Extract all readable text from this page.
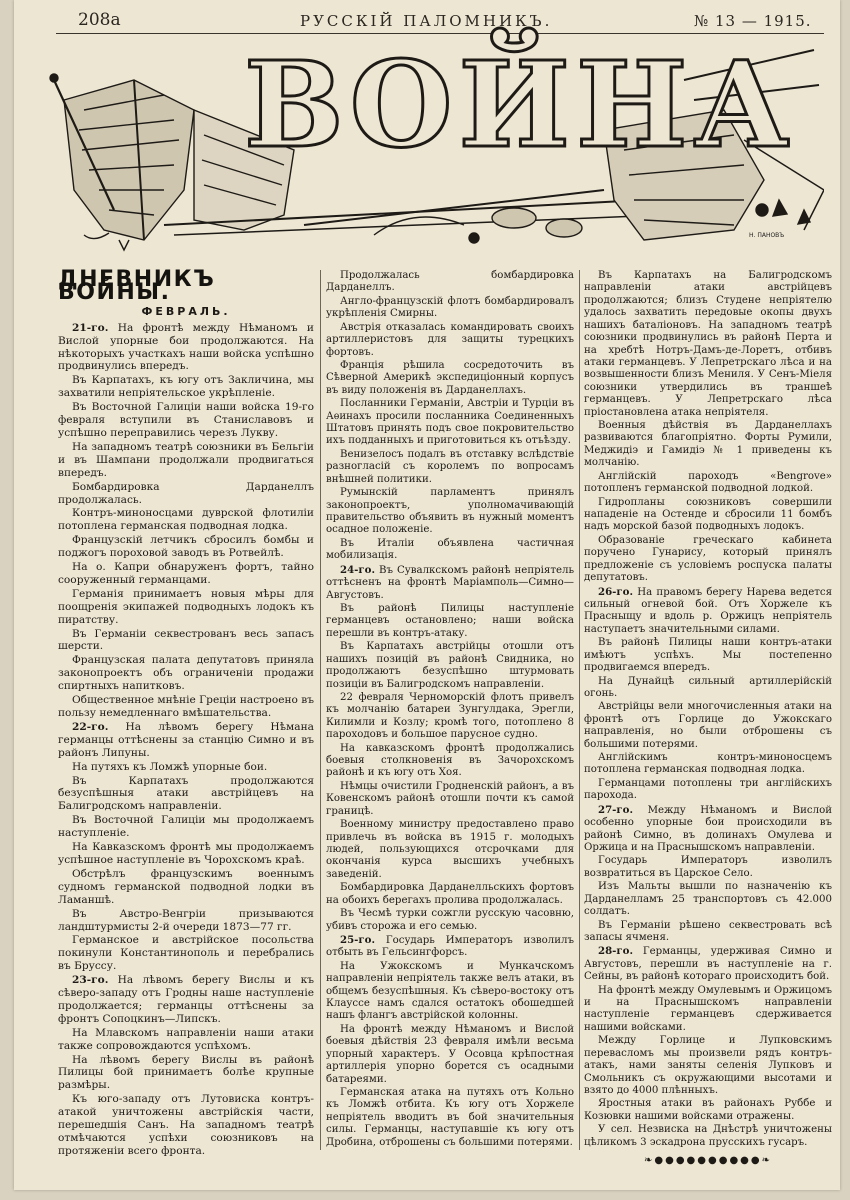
208а	РУССКІЙ ПАЛОМНИКЪ.	№ 13 — 1915.
ВОЙНА
Н. ПАНОВЪ
ДНЕВНИКЪ ВОЙНЫ.
ФЕВРАЛЬ.

21-го. На фронтѣ между Нѣманомъ и Вислой упорные бои продолжаются. На нѣкоторыхъ участкахъ наши войска успѣшно продвинулись впередъ.

Въ Карпатахъ, къ югу отъ Закличина, мы захватили непріятельское укрѣпленіе.

Въ Восточной Галиціи наши войска 19-го февраля вступили въ Станиславовъ и успѣшно переправились черезъ Лукву.

На западномъ театрѣ союзники въ Бельгіи и въ Шампани продолжали продвигаться впередъ.

Бомбардировка Дарданеллъ продолжалась.

Контръ-миноносцами дуврской флотиліи потоплена германская подводная лодка.

Французскій летчикъ сбросилъ бомбы и поджогъ пороховой заводъ въ Ротвейлѣ.

На о. Капри обнаруженъ фортъ, тайно сооруженный германцами.

Германія принимаетъ новыя мѣры для поощренія экипажей подводныхъ лодокъ къ пиратству.

Въ Германіи секвестрованъ весь запасъ шерсти.

Французская палата депутатовъ приняла законопроектъ объ ограниченіи продажи спиртныхъ напитковъ.

Общественное мнѣніе Греціи настроено въ пользу немедленнаго вмѣшательства.

22-го. На лѣвомъ берегу Нѣмана германцы оттѣснены за станцію Симно и въ районъ Липуны.

На путяхъ къ Ломжѣ упорные бои.

Въ Карпатахъ продолжаются безуспѣшныя атаки австрійцевъ на Балигродскомъ направленіи.

Въ Восточной Галиціи мы продолжаемъ наступленіе.

На Кавказскомъ фронтѣ мы продолжаемъ успѣшное наступленіе въ Чорохскомъ краѣ.

Обстрѣлъ французскимъ военнымъ судномъ германской подводной лодки въ Ламаншѣ.

Въ Австро-Венгріи призываются ландштурмисты 2-й очереди 1873—77 гг.

Германское и австрійское посольства покинули Константинополь и перебрались въ Бруссу.

23-го. На лѣвомъ берегу Вислы и къ сѣверо-западу отъ Гродны наше наступленіе продолжается; германцы оттѣснены за фронтъ Сопоцкинъ—Липскъ.

На Млавскомъ направленіи наши атаки также сопровождаются успѣхомъ.

На лѣвомъ берегу Вислы въ районѣ Пилицы бой принимаетъ болѣе крупные размѣры.

Къ юго-западу отъ Лутовиска контръ-атакой уничтожены австрійскія части, перешедшія Санъ. На западномъ театрѣ отмѣчаются успѣхи союзниковъ на протяженіи всего фронта.

Продолжалась бомбардировка Дарданеллъ.

Англо-французскій флотъ бомбардировалъ укрѣпленія Смирны.

Австрія отказалась командировать своихъ артиллеристовъ для защиты турецкихъ фортовъ.

Франція рѣшила сосредоточить въ Сѣверной Америкѣ экспедиціонный корпусъ въ виду положенія въ Дарданеллахъ.

Посланники Германіи, Австріи и Турціи въ Аѳинахъ просили посланника Соединенныхъ Штатовъ принять подъ свое покровительство ихъ подданныхъ и приготовиться къ отъѣзду.

Венизелосъ подалъ въ отставку вслѣдствіе разногласій съ королемъ по вопросамъ внѣшней политики.

Румынскій парламентъ принялъ законопроектъ, уполномачивающій правительство объявить въ нужный моментъ осадное положеніе.

Въ Италіи объявлена частичная мобилизація.

24-го. Въ Сувалкскомъ районѣ непріятель оттѣсненъ на фронтѣ Маріамполь—Симно—Августовъ.

Въ районѣ Пилицы наступленіе германцевъ остановлено; наши войска перешли въ контръ-атаку.

Въ Карпатахъ австрійцы отошли отъ нашихъ позицій въ районѣ Свидника, но продолжаютъ безуспѣшно штурмовать позиціи въ Балигродскомъ направленіи.

22 февраля Черноморскій флотъ привелъ къ молчанію батареи Зунгулдака, Эрегли, Килимли и Козлу; кромѣ того, потоплено 8 пароходовъ и большое парусное судно.

На кавказскомъ фронтѣ продолжались боевыя столкновенія въ Зачорохскомъ районѣ и къ югу отъ Хоя.

Нѣмцы очистили Гродненскій районъ, а въ Ковенскомъ районѣ отошли почти къ самой границѣ.

Военному министру предоставлено право привлечь въ войска въ 1915 г. молодыхъ людей, пользующихся отсрочками для окончанія курса высшихъ учебныхъ заведеній.

Бомбардировка Дарданелльскихъ фортовъ на обоихъ берегахъ пролива продолжалась.

Въ Чесмѣ турки сожгли русскую часовню, убивъ сторожа и его семью.

25-го. Государь Императоръ изволилъ отбыть въ Гельсингфорсъ.

На Ужокскомъ и Мункачскомъ направленіи непріятель также велъ атаки, въ общемъ безуспѣшныя. Къ сѣверо-востоку отъ Клауссе намъ сдался остатокъ обошедшей нашъ флангъ австрійской колонны.

На фронтѣ между Нѣманомъ и Вислой боевыя дѣйствія 23 февраля имѣли весьма упорный характеръ. У Осовца крѣпостная артиллерія упорно борется съ осадными батареями.

Германская атака на путяхъ отъ Кольно къ Ломжѣ отбита. Къ югу отъ Хоржеле непріятель вводитъ въ бой значительныя силы. Германцы, наступавшіе къ югу отъ Дробина, отброшены съ большими потерями.

Въ Карпатахъ на Балигродскомъ направленіи атаки австрійцевъ продолжаются; близъ Студене непріятелю удалось захватить передовые окопы двухъ нашихъ баталіоновъ. На западномъ театрѣ союзники продвинулись въ районѣ Перта и на хребтѣ Нотръ-Дамъ-де-Лоретъ, отбивъ атаки германцевъ. У Лепретрскаго лѣса и на возвышенности близъ Мениля. У Сенъ-Міеля союзники утвердились въ траншеѣ германцевъ. У Лепретрскаго лѣса пріостановлена атака непріятеля.

Военныя дѣйствія въ Дарданеллахъ развиваются благопріятно. Форты Румили, Меджидіэ и Гамидіэ № 1 приведены къ молчанію.

Англійскій пароходъ «Bengrove» потопленъ германской подводной лодкой.

Гидропланы союзниковъ совершили нападеніе на Остенде и сбросили 11 бомбъ надъ морской базой подводныхъ лодокъ.

Образованіе греческаго кабинета поручено Гунарису, который принялъ предложеніе съ условіемъ роспуска палаты депутатовъ.

26-го. На правомъ берегу Нарева ведется сильный огневой бой. Отъ Хоржеле къ Прасныщу и вдоль р. Оржицъ непріятель наступаетъ значительными силами.

Въ районѣ Пилицы наши контръ-атаки имѣютъ успѣхъ. Мы постепенно продвигаемся впередъ.

На Дунайцѣ сильный артиллерійскій огонь.

Австрійцы вели многочисленныя атаки на фронтѣ отъ Горлице до Ужокскаго направленія, но были отброшены съ большими потерями.

Англійскимъ контръ-миноносцемъ потоплена германская подводная лодка.

Германцами потоплены три англійскихъ парохода.

27-го. Между Нѣманомъ и Вислой особенно упорные бои происходили въ районѣ Симно, въ долинахъ Омулева и Оржица и на Праснышскомъ направленіи.

Государь Императоръ изволилъ возвратиться въ Царское Село.

Изъ Мальты вышли по назначенію къ Дарданелламъ 25 транспортовъ съ 42.000 солдатъ.

Въ Германіи рѣшено секвестровать всѣ запасы ячменя.

28-го. Германцы, удерживая Симно и Августовъ, перешли въ наступленіе на г. Сейны, въ районѣ котораго происходитъ бой.

На фронтѣ между Омулевымъ и Оржицомъ и на Праснышскомъ направленіи наступленіе германцевъ сдерживается нашими войсками.

Между Горлице и Лупковскимъ перевасломъ мы произвели рядъ контръ-атакъ, нами заняты селенія Лупковъ и Смольникъ съ окружающими высотами и взято до 4000 плѣнныхъ.

Яростныя атаки въ районахъ Руббе и Козювки нашими войсками отражены.

У сел. Незвиска на Днѣстрѣ уничтожены цѣликомъ 3 эскадрона прусскихъ гусаръ.

❧●●●●●●●●●●❧
